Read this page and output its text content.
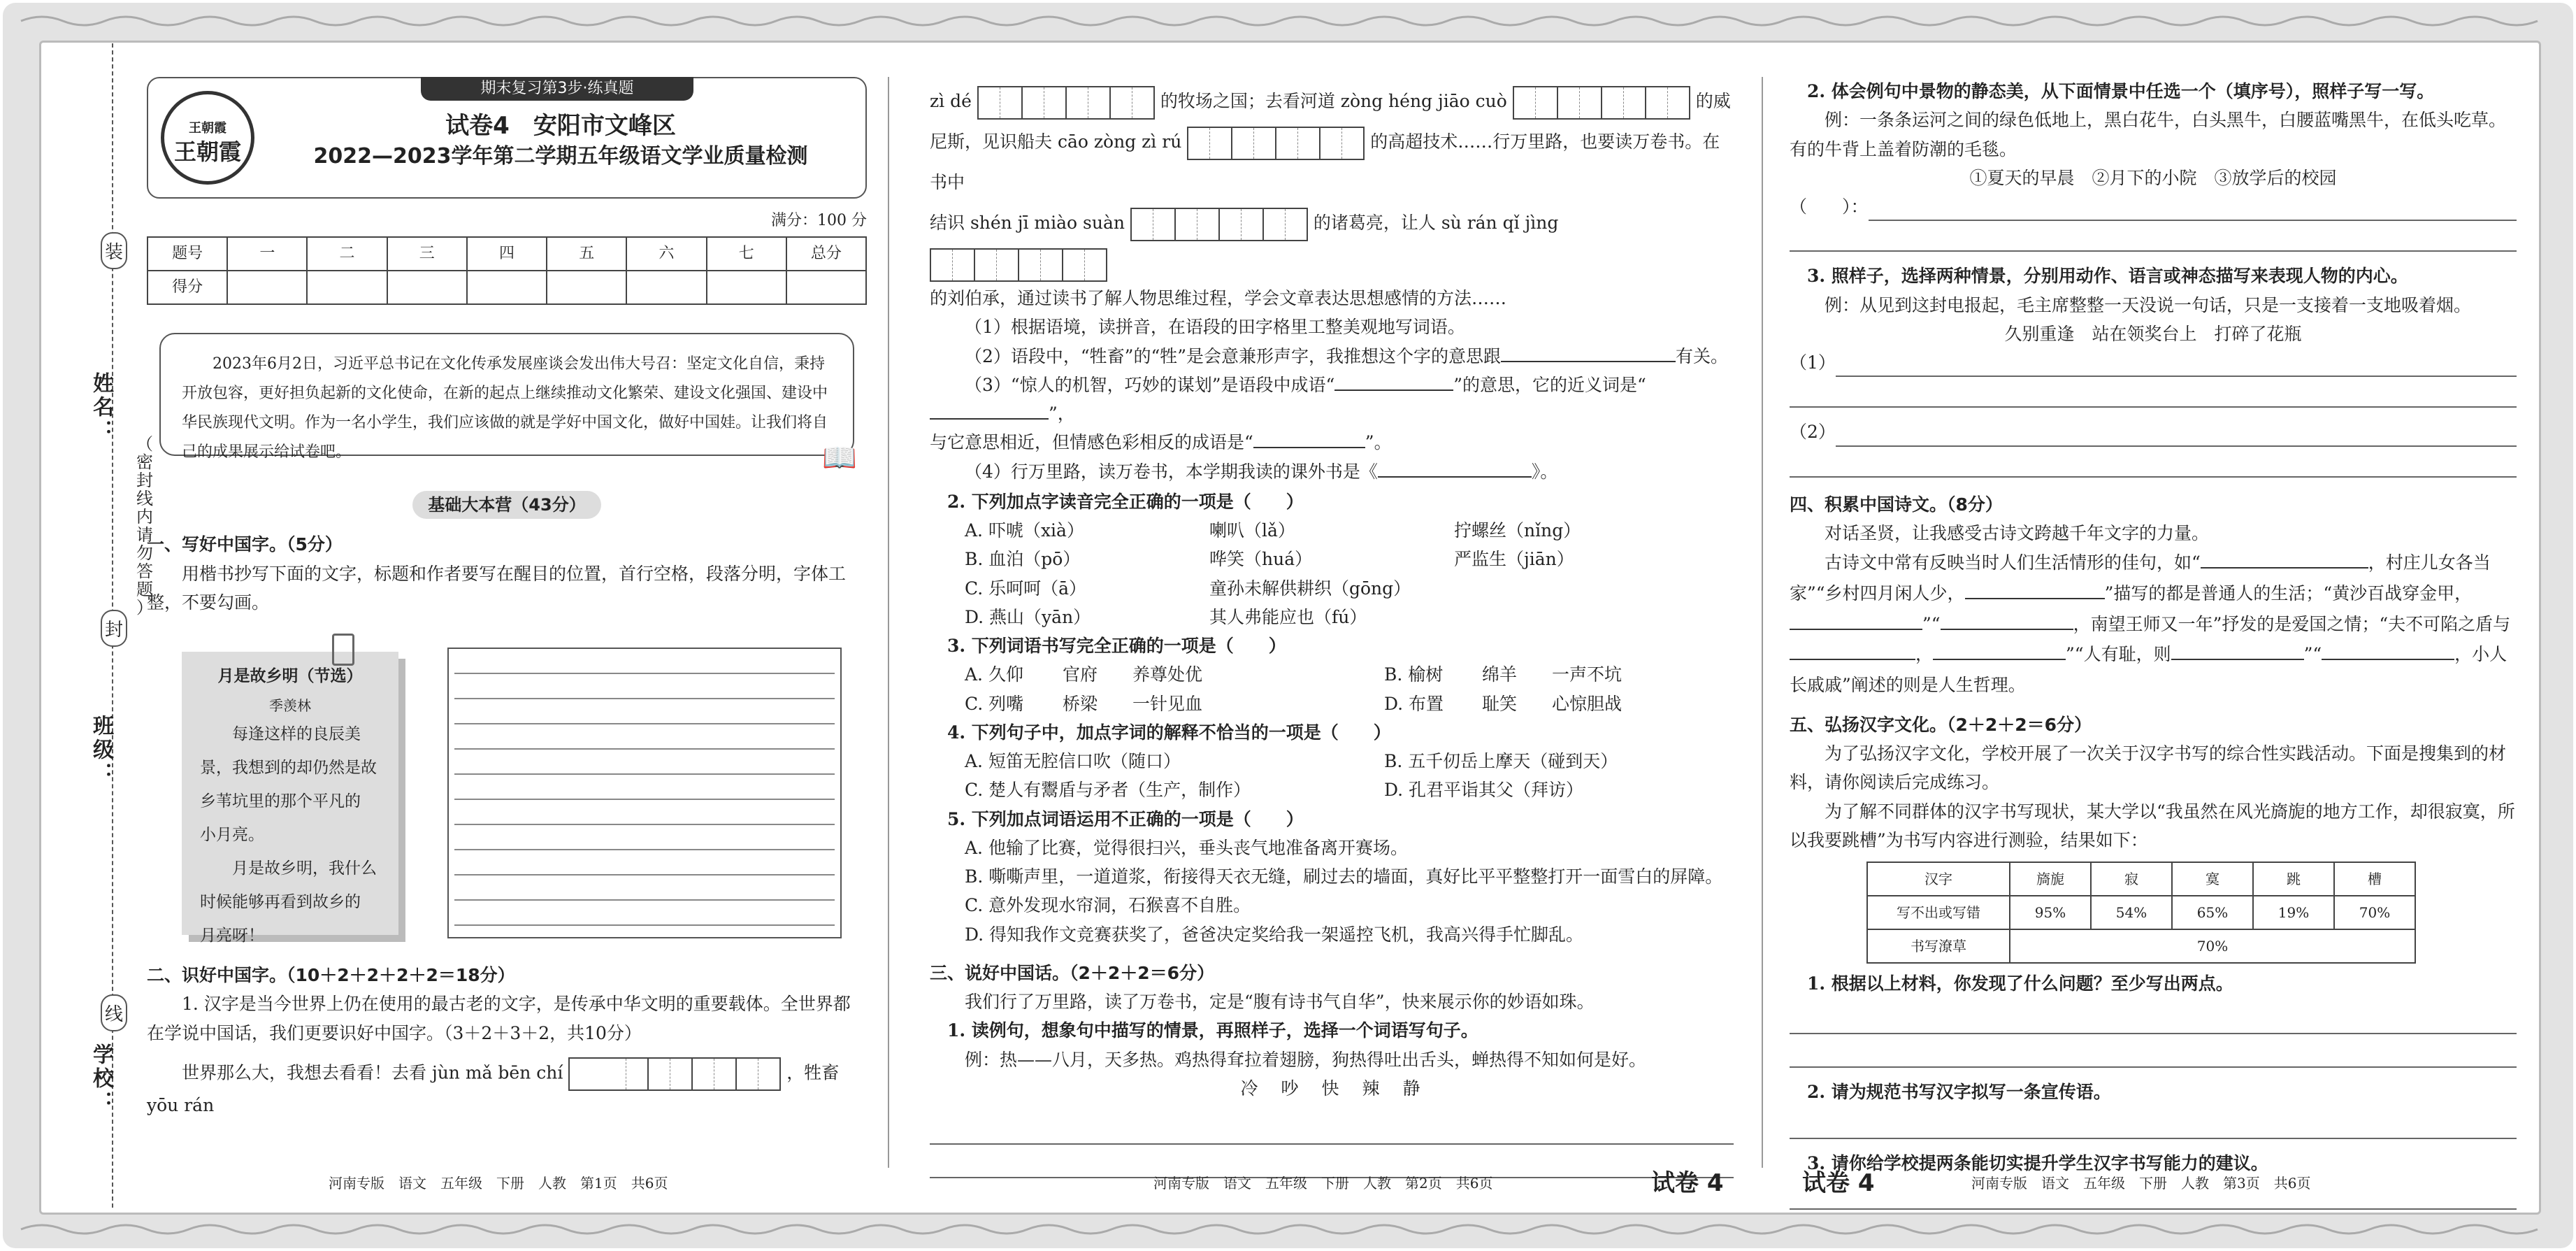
姓名：
班级：
学校：
装
封
线
（ 密 封 线 内 请 勿 答 题 ）
王朝霞
王朝霞
期末复习第3步·练真题
试卷4　安阳市文峰区
2022—2023学年第二学期五年级语文学业质量检测
满分：100 分
题号	一	二	三	四	五	六	七	总分
得分								
2023年6月2日，习近平总书记在文化传承发展座谈会发出伟大号召：坚定文化自信，秉持开放包容，更好担负起新的文化使命，在新的起点上继续推动文化繁荣、建设文化强国、建设中华民族现代文明。作为一名小学生，我们应该做的就是学好中国文化，做好中国娃。让我们将自己的成果展示给试卷吧。	📖
基础大本营（43分）
一、写好中国字。（5分）
用楷书抄写下面的文字，标题和作者要写在醒目的位置，首行空格，段落分明，字体工整，不要勾画。
月是故乡明（节选）
季羡林
每逢这样的良辰美
景，我想到的却仍然是故
乡苇坑里的那个平凡的
小月亮。
月是故乡明，我什么
时候能够再看到故乡的
月亮呀！
二、识好中国字。（10＋2＋2＋2＋2＝18分）
1. 汉字是当今世界上仍在使用的最古老的文字，是传承中华文明的重要载体。全世界都在学说中国话，我们更要识好中国字。（3＋2＋3＋2，共10分）
世界那么大，我想去看看！去看 jùn mǎ bēn chí	，牲畜 yōu rán
zì dé	的牧场之国；去看河道 zòng héng jiāo cuò	的威
尼斯，见识船夫 cāo zòng zì rú	的高超技术……行万里路，也要读万卷书。在书中
结识 shén jī miào suàn	的诸葛亮，让人 sù rán qǐ jìng
的刘伯承，通过读书了解人物思维过程，学会文章表达思想感情的方法……
（1）根据语境，读拼音，在语段的田字格里工整美观地写词语。
（2）语段中，“牲畜”的“牲”是会意兼形声字，我推想这个字的意思跟	有关。
（3）“惊人的机智，巧妙的谋划”是语段中成语“	”的意思，它的近义词是“”，
与它意思相近，但情感色彩相反的成语是“	”。
（4）行万里路，读万卷书，本学期我读的课外书是《	》。
2. 下列加点字读音完全正确的一项是（　　）
A. 吓唬（xià）	喇叭（lǎ）	拧螺丝（nǐng）
B. 血泊（pō）	哗笑（huá）	严监生（jiān）
C. 乐呵呵（ā）	童孙未解供耕织（gōng）
D. 燕山（yān）	其人弗能应也（fú）
3. 下列词语书写完全正确的一项是（　　）
A. 久仰	官府	养尊处优	B. 榆树	绵羊	一声不坑
C. 列嘴	桥梁	一针见血	D. 布置	耻笑	心惊胆战
4. 下列句子中，加点字词的解释不恰当的一项是（　　）
A. 短笛无腔信口吹（随口）	B. 五千仞岳上摩天（碰到天）
C. 楚人有鬻盾与矛者（生产，制作）	D. 孔君平诣其父（拜访）
5. 下列加点词语运用不正确的一项是（　　）
A. 他输了比赛，觉得很扫兴，垂头丧气地准备离开赛场。
B. 嘶嘶声里，一道道浆，衔接得天衣无缝，刷过去的墙面，真好比平平整整打开一面雪白的屏障。
C. 意外发现水帘洞，石猴喜不自胜。
D. 得知我作文竞赛获奖了，爸爸决定奖给我一架遥控飞机，我高兴得手忙脚乱。
三、说好中国话。（2＋2＋2＝6分）
我们行了万里路，读了万卷书，定是“腹有诗书气自华”，快来展示你的妙语如珠。
1. 读例句，想象句中描写的情景，再照样子，选择一个词语写句子。
例：热——八月，天多热。鸡热得耷拉着翅膀，狗热得吐出舌头，蝉热得不知如何是好。
冷　吵　快　辣　静
2. 体会例句中景物的静态美，从下面情景中任选一个（填序号），照样子写一写。
例：一条条运河之间的绿色低地上，黑白花牛，白头黑牛，白腰蓝嘴黑牛，在低头吃草。有的牛背上盖着防潮的毛毯。
①夏天的早晨　②月下的小院　③放学后的校园
（　　）：
3. 照样子，选择两种情景，分别用动作、语言或神态描写来表现人物的内心。
例：从见到这封电报起，毛主席整整一天没说一句话，只是一支接着一支地吸着烟。
久别重逢　站在领奖台上　打碎了花瓶
（1）
（2）
四、积累中国诗文。（8分）
对话圣贤，让我感受古诗文跨越千年文字的力量。
古诗文中常有反映当时人们生活情形的佳句，如“	，村庄儿女各当家”“乡村四月闲人少，	”描写的都是普通人的生活；“黄沙百战穿金甲，”“	，南望王师又一年”抒发的是爱国之情；“夫不可陷之盾与，	”“人有耻，则	”“	，小人长戚戚”阐述的则是人生哲理。
五、弘扬汉字文化。（2＋2＋2＝6分）
为了弘扬汉字文化，学校开展了一次关于汉字书写的综合性实践活动。下面是搜集到的材料，请你阅读后完成练习。
为了解不同群体的汉字书写现状，某大学以“我虽然在风光旖旎的地方工作，却很寂寞，所以我要跳槽”为书写内容进行测验，结果如下：
汉字	旖旎	寂	寞	跳	槽
写不出或写错	95%	54%	65%	19%	70%
书写潦草	70%				
1. 根据以上材料，你发现了什么问题？至少写出两点。
2. 请为规范书写汉字拟写一条宣传语。
3. 请你给学校提两条能切实提升学生汉字书写能力的建议。
河南专版　语文　五年级　下册　人教　第1页　共6页	河南专版　语文　五年级　下册　人教　第2页　共6页	试卷 4	试卷 4	河南专版　语文　五年级　下册　人教　第3页　共6页
